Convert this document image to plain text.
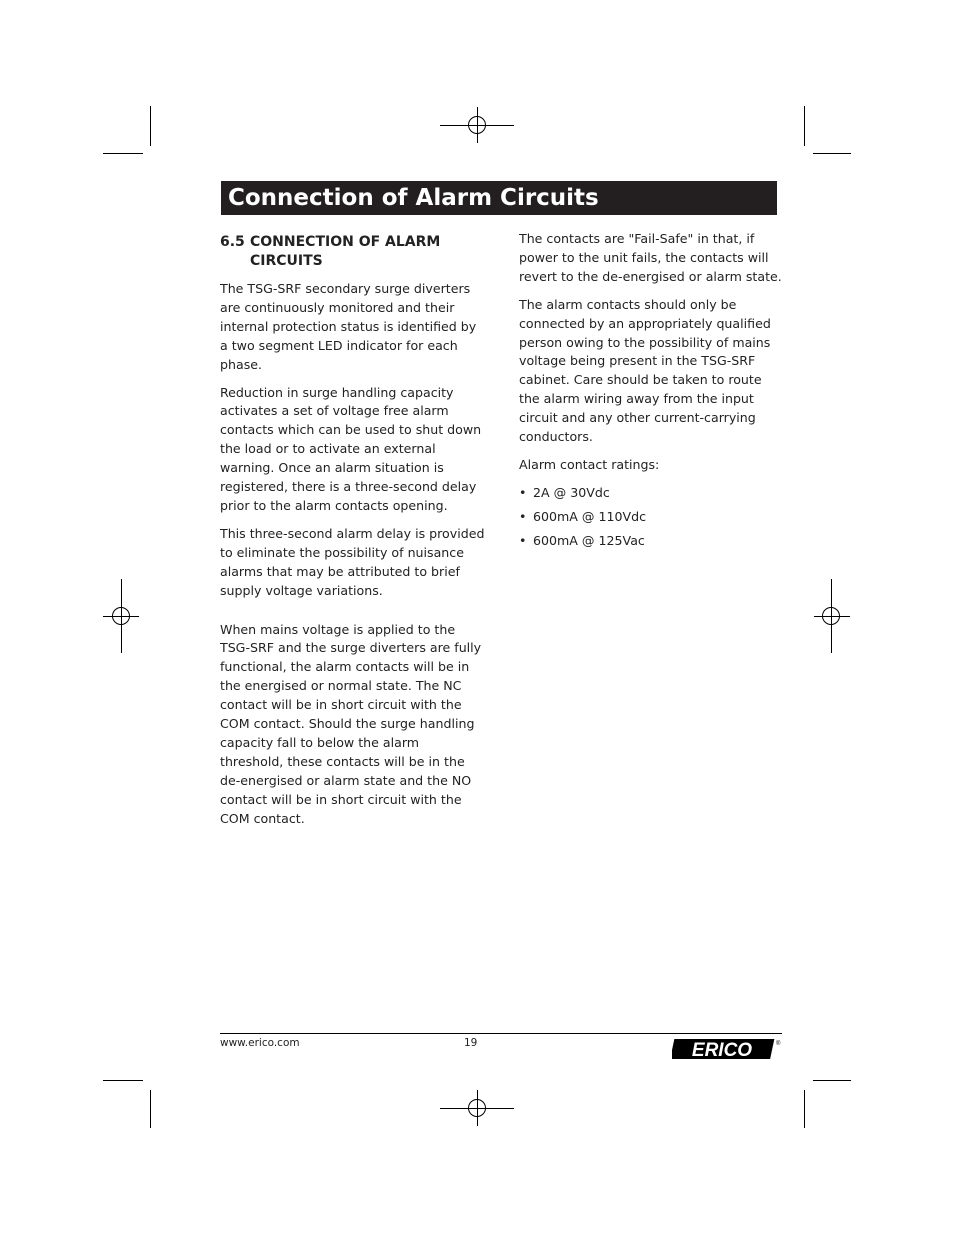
Connection of Alarm Circuits
6.5 CONNECTION OF ALARM
CIRCUITS

The TSG-SRF secondary surge diverters are continuously monitored and their internal protection status is identified by a two segment LED indicator for each phase.

Reduction in surge handling capacity activates a set of voltage free alarm contacts which can be used to shut down the load or to activate an external warning. Once an alarm situation is registered, there is a three-second delay prior to the alarm contacts opening.

This three-second alarm delay is provided to eliminate the possibility of nuisance alarms that may be attributed to brief supply voltage variations.

When mains voltage is applied to the TSG-SRF and the surge diverters are fully functional, the alarm contacts will be in the energised or normal state. The NC contact will be in short circuit with the COM contact. Should the surge handling capacity fall to below the alarm threshold, these contacts will be in the de-energised or alarm state and the NO contact will be in short circuit with the COM contact.

The contacts are "Fail-Safe" in that, if power to the unit fails, the contacts will revert to the de-energised or alarm state.

The alarm contacts should only be connected by an appropriately qualified person owing to the possibility of mains voltage being present in the TSG-SRF cabinet. Care should be taken to route the alarm wiring away from the input circuit and any other current-carrying conductors.

Alarm contact ratings:

• 2A @ 30Vdc
• 600mA @ 110Vdc
• 600mA @ 125Vac
www.erico.com	19	ERICO	®
